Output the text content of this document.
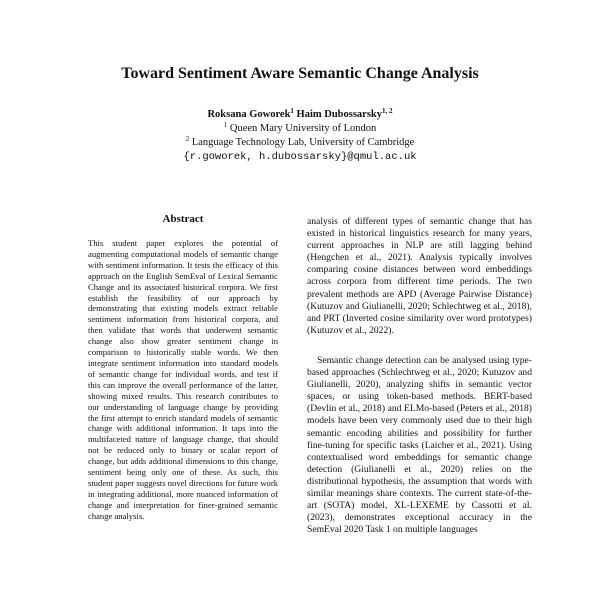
Toward Sentiment Aware Semantic Change Analysis
Roksana Goworek$^1$ Haim Dubossarsky$^{1, 2}$
$^1$ Queen Mary University of London
$^2$ Language Technology Lab, University of Cambridge
{r.goworek, h.dubossarsky}@qmul.ac.uk
Abstract
This student paper explores the potential of augmenting computational models of semantic change with sentiment information. It tests the efficacy of this approach on the English SemEval of Lexical Semantic Change and its associated historical corpora. We first establish the feasibility of our approach by demonstrating that existing models extract reliable sentiment information from historical corpora, and then validate that words that underwent semantic change also show greater sentiment change in comparison to historically stable words. We then integrate sentiment information into standard models of semantic change for individual words, and test if this can improve the overall performance of the latter, showing mixed results. This research contributes to our understanding of language change by providing the first attempt to enrich standard models of semantic change with additional information. It taps into the multifaceted nature of language change, that should not be reduced only to binary or scalar report of change, but adds additional dimensions to this change, sentiment being only one of these. As such, this student paper suggests novel directions for future work in integrating additional, more nuanced information of change and interpretation for finer-grained semantic change analysis.

analysis of different types of semantic change that has existed in historical linguistics research for many years, current approaches in NLP are still lagging behind (Hengchen et al., 2021). Analysis typically involves comparing cosine distances between word embeddings across corpora from different time periods. The two prevalent methods are APD (Average Pairwise Distance) (Kutuzov and Giulianelli, 2020; Schlechtweg et al., 2018), and PRT (Inverted cosine similarity over word prototypes) (Kutuzov et al., 2022).

Semantic change detection can be analysed using type-based approaches (Schlechtweg et al., 2020; Kutuzov and Giulianelli, 2020), analyzing shifts in semantic vector spaces, or using token-based methods. BERT-based (Devlin et al., 2018) and ELMo-based (Peters et al., 2018) models have been very commonly used due to their high semantic encoding abilities and possibility for further fine-tuning for specific tasks (Laicher et al., 2021). Using contextualised word embeddings for semantic change detection (Giulianelli et al., 2020) relies on the distributional hypothesis, the assumption that words with similar meanings share contexts. The current state-of-the-art (SOTA) model, XL-LEXEME by Cassotti et al. (2023), demonstrates exceptional accuracy in the SemEval 2020 Task 1 on multiple languages
